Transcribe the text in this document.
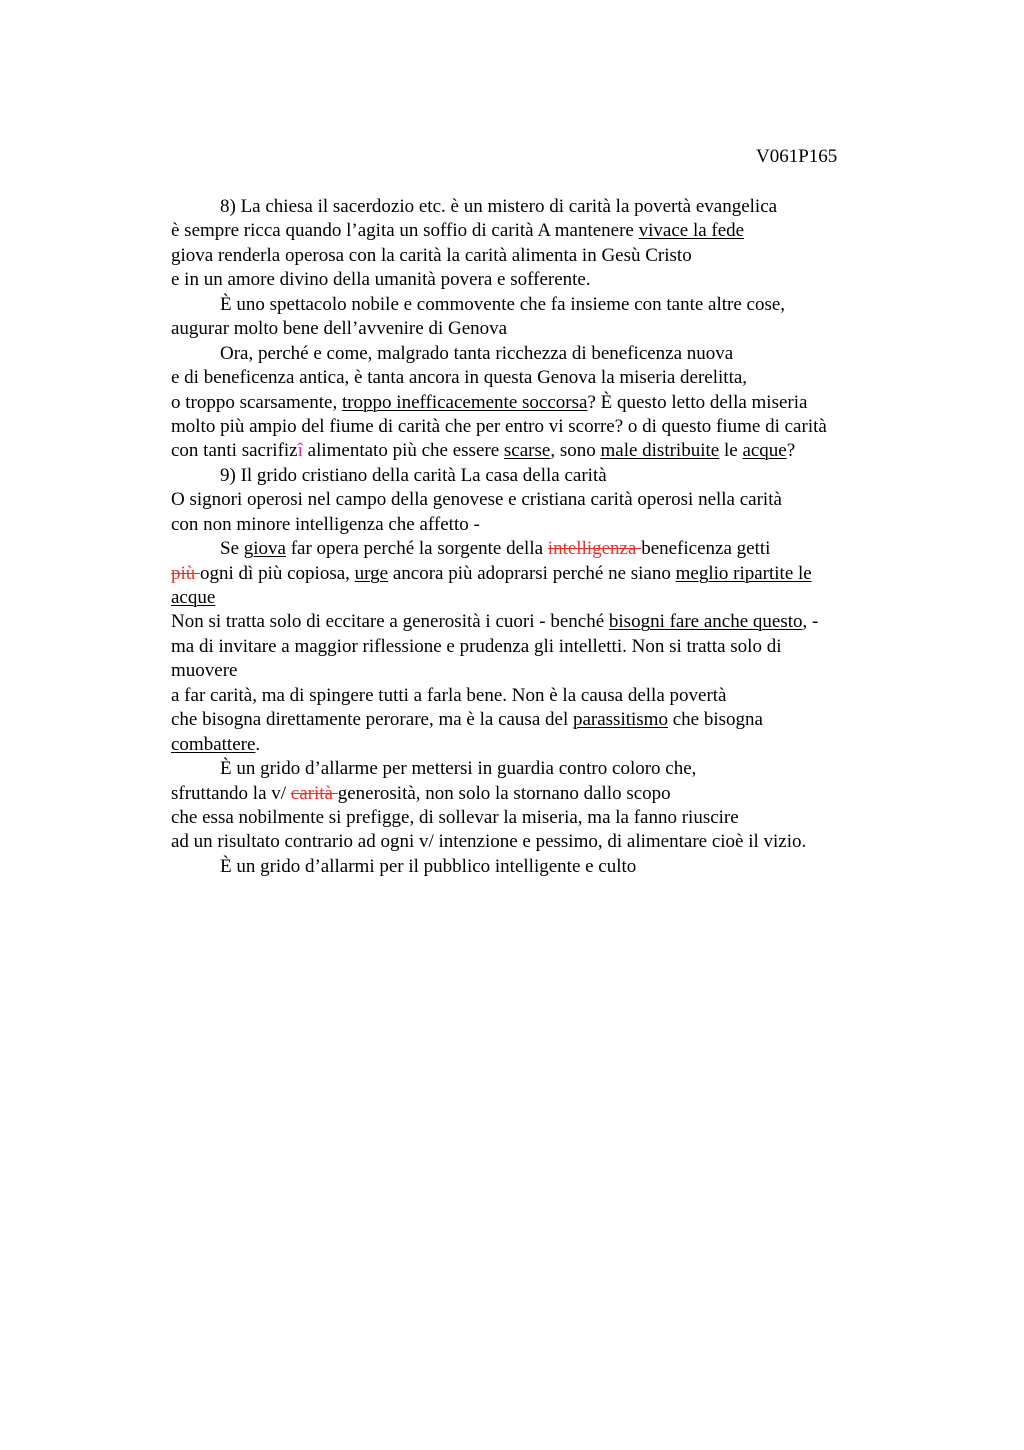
V061P165
8) La chiesa il sacerdozio etc. è un mistero di carità la povertà evangelica
è sempre ricca quando l’agita un soffio di carità A mantenere vivace la fede
giova renderla operosa con la carità la carità alimenta in Gesù Cristo
e in un amore divino della umanità povera e sofferente.
È uno spettacolo nobile e commovente che fa insieme con tante altre cose,
augurar molto bene dell’avvenire di Genova
Ora, perché e come, malgrado tanta ricchezza di beneficenza nuova
e di beneficenza antica, è tanta ancora in questa Genova la miseria derelitta,
o troppo scarsamente, troppo inefficacemente soccorsa? È questo letto della miseria
molto più ampio del fiume di carità che per entro vi scorre? o di questo fiume di carità
con tanti sacrifizî alimentato più che essere scarse, sono male distribuite le acque?
9) Il grido cristiano della carità La casa della carità
O signori operosi nel campo della genovese e cristiana carità operosi nella carità
con non minore intelligenza che affetto -
Se giova far opera perché la sorgente della intelligenza beneficenza getti
più ogni dì più copiosa, urge ancora più adoprarsi perché ne siano meglio ripartite le
acque
Non si tratta solo di eccitare a generosità i cuori - benché bisogni fare anche questo, -
ma di invitare a maggior riflessione e prudenza gli intelletti. Non si tratta solo di
muovere
a far carità, ma di spingere tutti a farla bene. Non è la causa della povertà
che bisogna direttamente perorare, ma è la causa del parassitismo che bisogna
combattere.
È un grido d’allarme per mettersi in guardia contro coloro che,
sfruttando la v/ carità generosità, non solo la stornano dallo scopo
che essa nobilmente si prefigge, di sollevar la miseria, ma la fanno riuscire
ad un risultato contrario ad ogni v/ intenzione e pessimo, di alimentare cioè il vizio.
È un grido d’allarmi per il pubblico intelligente e culto
